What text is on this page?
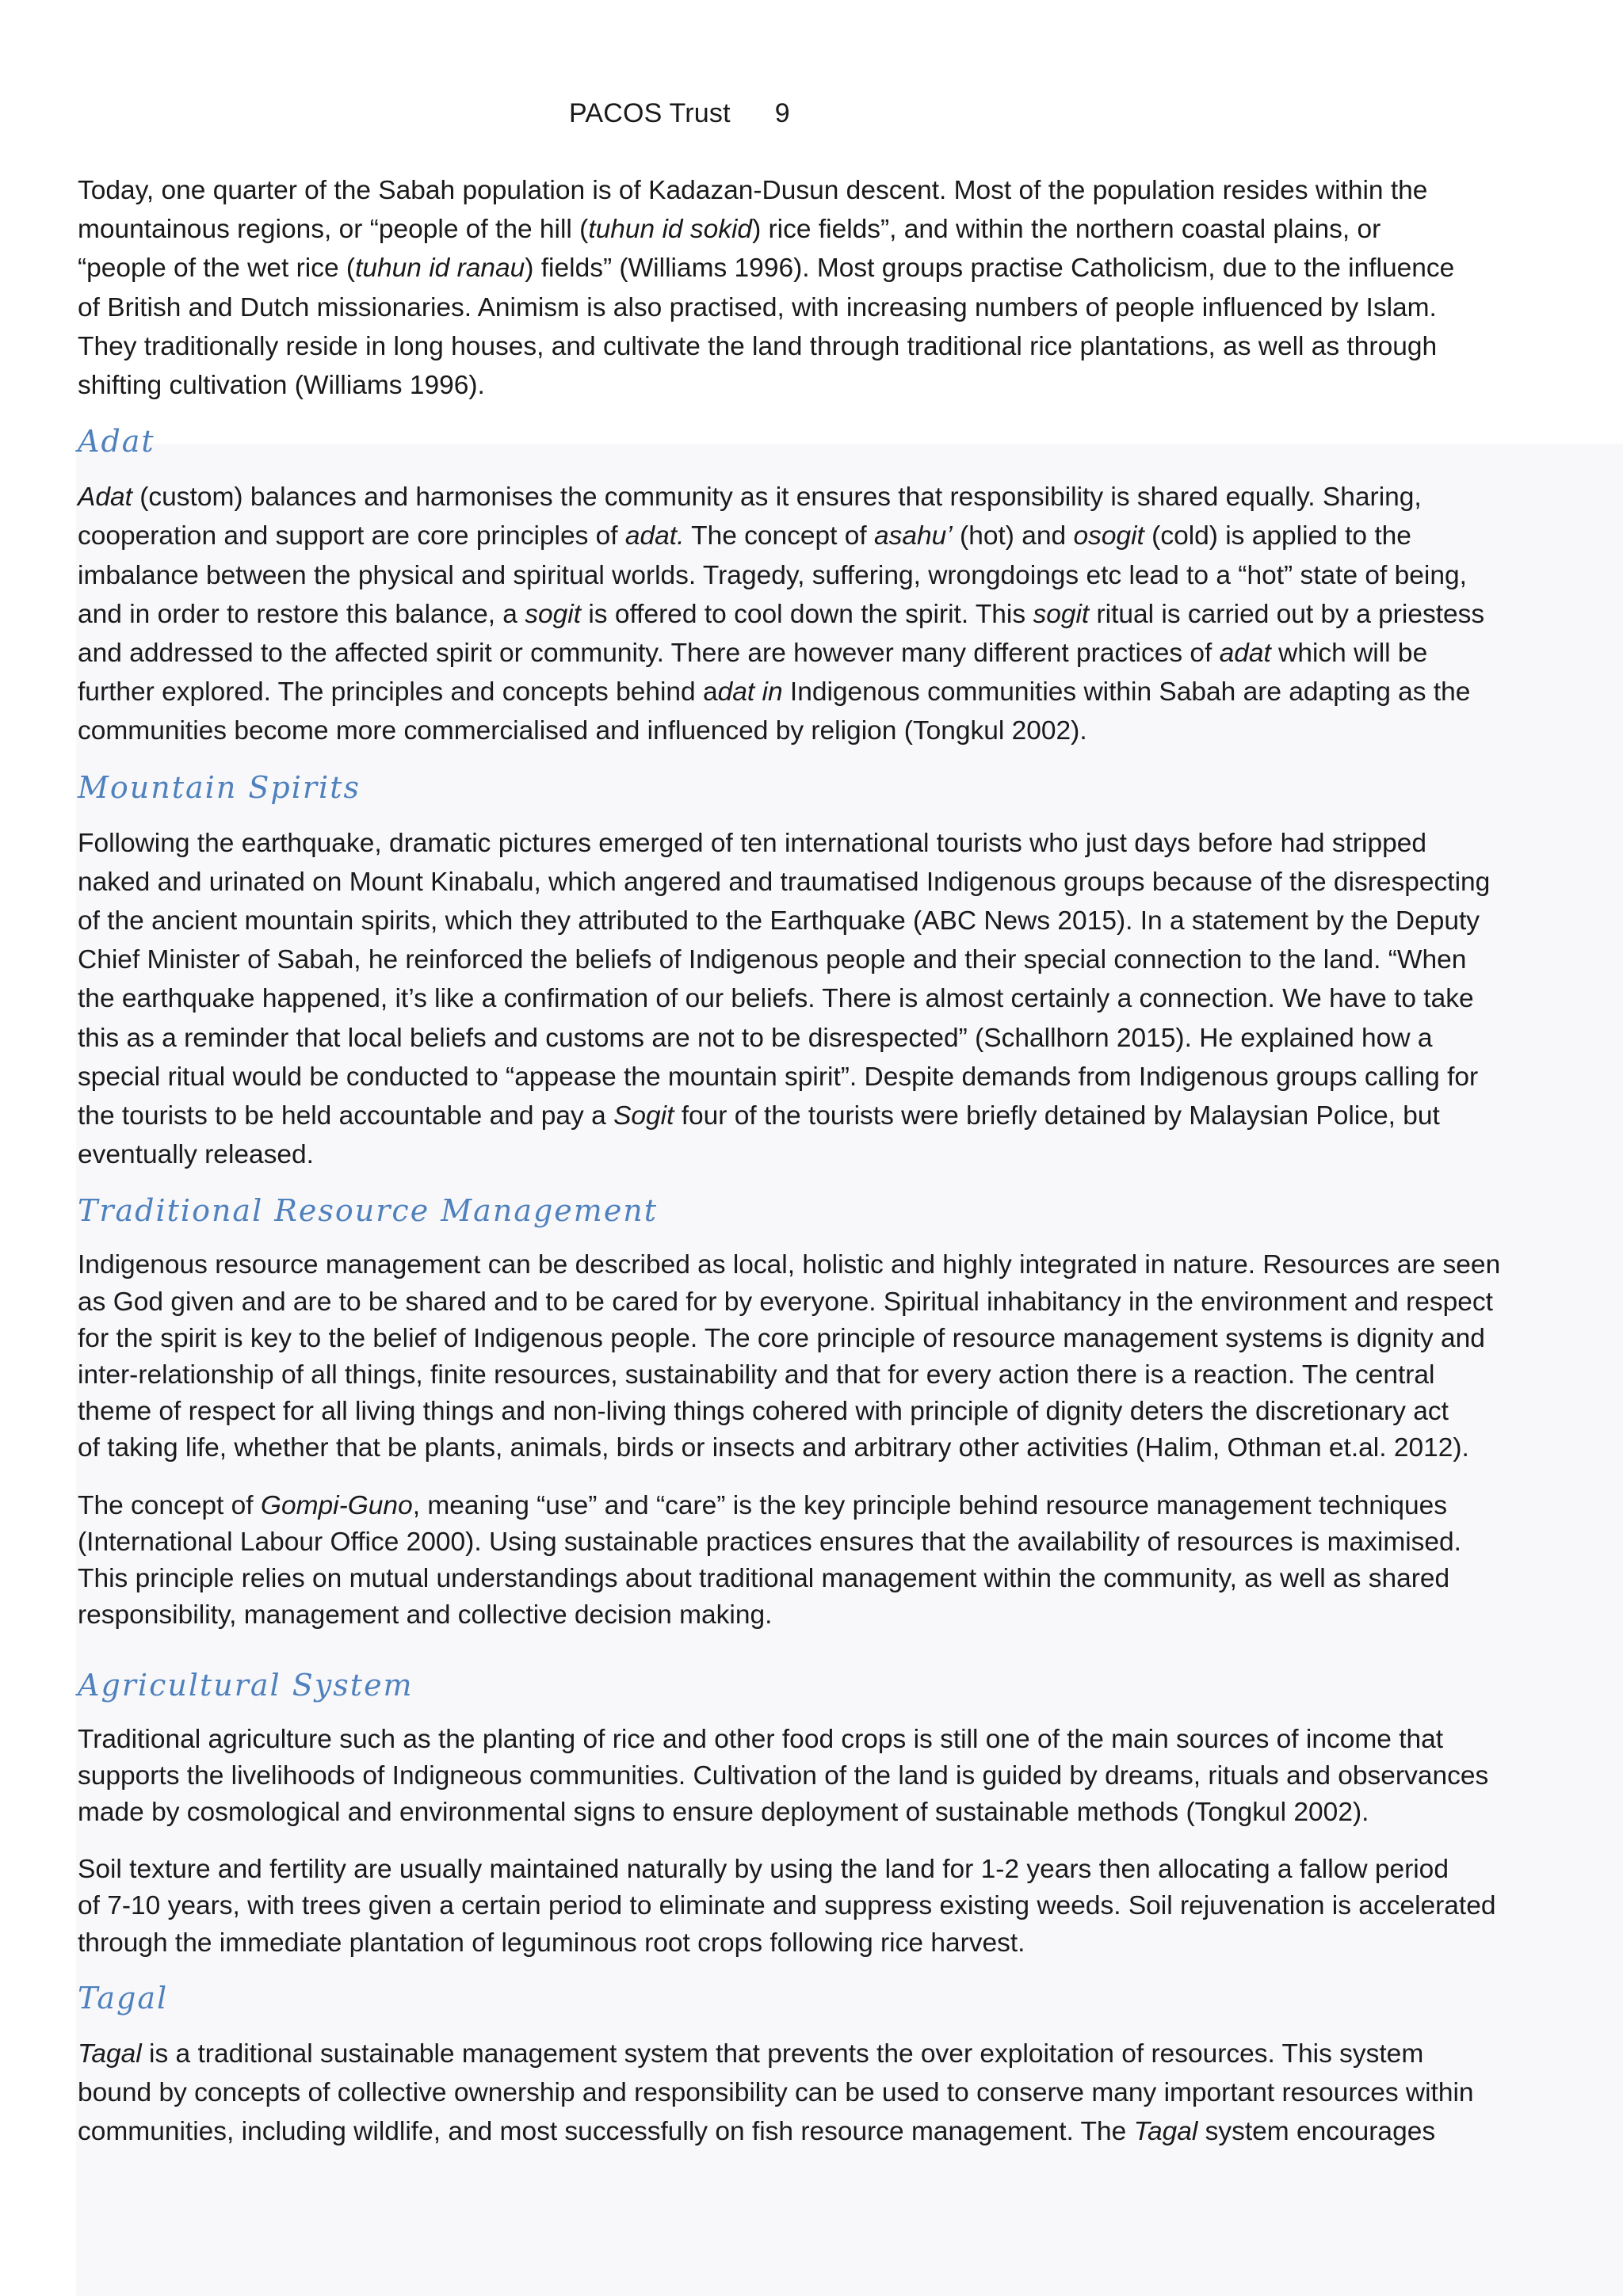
PACOS Trust 9

Today, one quarter of the Sabah population is of Kadazan-Dusun descent. Most of the population resides within the
mountainous regions, or “people of the hill (tuhun id sokid) rice fields”, and within the northern coastal plains, or
“people of the wet rice (tuhun id ranau) fields” (Williams 1996). Most groups practise Catholicism, due to the influence
of British and Dutch missionaries. Animism is also practised, with increasing numbers of people influenced by Islam.
They traditionally reside in long houses, and cultivate the land through traditional rice plantations, as well as through
shifting cultivation (Williams 1996).

Adat

Adat (custom) balances and harmonises the community as it ensures that responsibility is shared equally. Sharing,
cooperation and support are core principles of adat. The concept of asahu’ (hot) and osogit (cold) is applied to the
imbalance between the physical and spiritual worlds. Tragedy, suffering, wrongdoings etc lead to a “hot” state of being,
and in order to restore this balance, a sogit is offered to cool down the spirit. This sogit ritual is carried out by a priestess
and addressed to the affected spirit or community. There are however many different practices of adat which will be
further explored. The principles and concepts behind adat in Indigenous communities within Sabah are adapting as the
communities become more commercialised and influenced by religion (Tongkul 2002).

Mountain Spirits

Following the earthquake, dramatic pictures emerged of ten international tourists who just days before had stripped
naked and urinated on Mount Kinabalu, which angered and traumatised Indigenous groups because of the disrespecting
of the ancient mountain spirits, which they attributed to the Earthquake (ABC News 2015). In a statement by the Deputy
Chief Minister of Sabah, he reinforced the beliefs of Indigenous people and their special connection to the land. “When
the earthquake happened, it’s like a confirmation of our beliefs. There is almost certainly a connection. We have to take
this as a reminder that local beliefs and customs are not to be disrespected” (Schallhorn 2015). He explained how a
special ritual would be conducted to “appease the mountain spirit”. Despite demands from Indigenous groups calling for
the tourists to be held accountable and pay a Sogit four of the tourists were briefly detained by Malaysian Police, but
eventually released.

Traditional Resource Management

Indigenous resource management can be described as local, holistic and highly integrated in nature. Resources are seen
as God given and are to be shared and to be cared for by everyone. Spiritual inhabitancy in the environment and respect
for the spirit is key to the belief of Indigenous people. The core principle of resource management systems is dignity and
inter-relationship of all things, finite resources, sustainability and that for every action there is a reaction. The central
theme of respect for all living things and non-living things cohered with principle of dignity deters the discretionary act
of taking life, whether that be plants, animals, birds or insects and arbitrary other activities (Halim, Othman et.al. 2012).

The concept of Gompi-Guno, meaning “use” and “care” is the key principle behind resource management techniques
(International Labour Office 2000). Using sustainable practices ensures that the availability of resources is maximised.
This principle relies on mutual understandings about traditional management within the community, as well as shared
responsibility, management and collective decision making.

Agricultural System

Traditional agriculture such as the planting of rice and other food crops is still one of the main sources of income that
supports the livelihoods of Indigneous communities. Cultivation of the land is guided by dreams, rituals and observances
made by cosmological and environmental signs to ensure deployment of sustainable methods (Tongkul 2002).

Soil texture and fertility are usually maintained naturally by using the land for 1-2 years then allocating a fallow period
of 7-10 years, with trees given a certain period to eliminate and suppress existing weeds. Soil rejuvenation is accelerated
through the immediate plantation of leguminous root crops following rice harvest.

Tagal

Tagal is a traditional sustainable management system that prevents the over exploitation of resources. This system
bound by concepts of collective ownership and responsibility can be used to conserve many important resources within
communities, including wildlife, and most successfully on fish resource management. The Tagal system encourages
